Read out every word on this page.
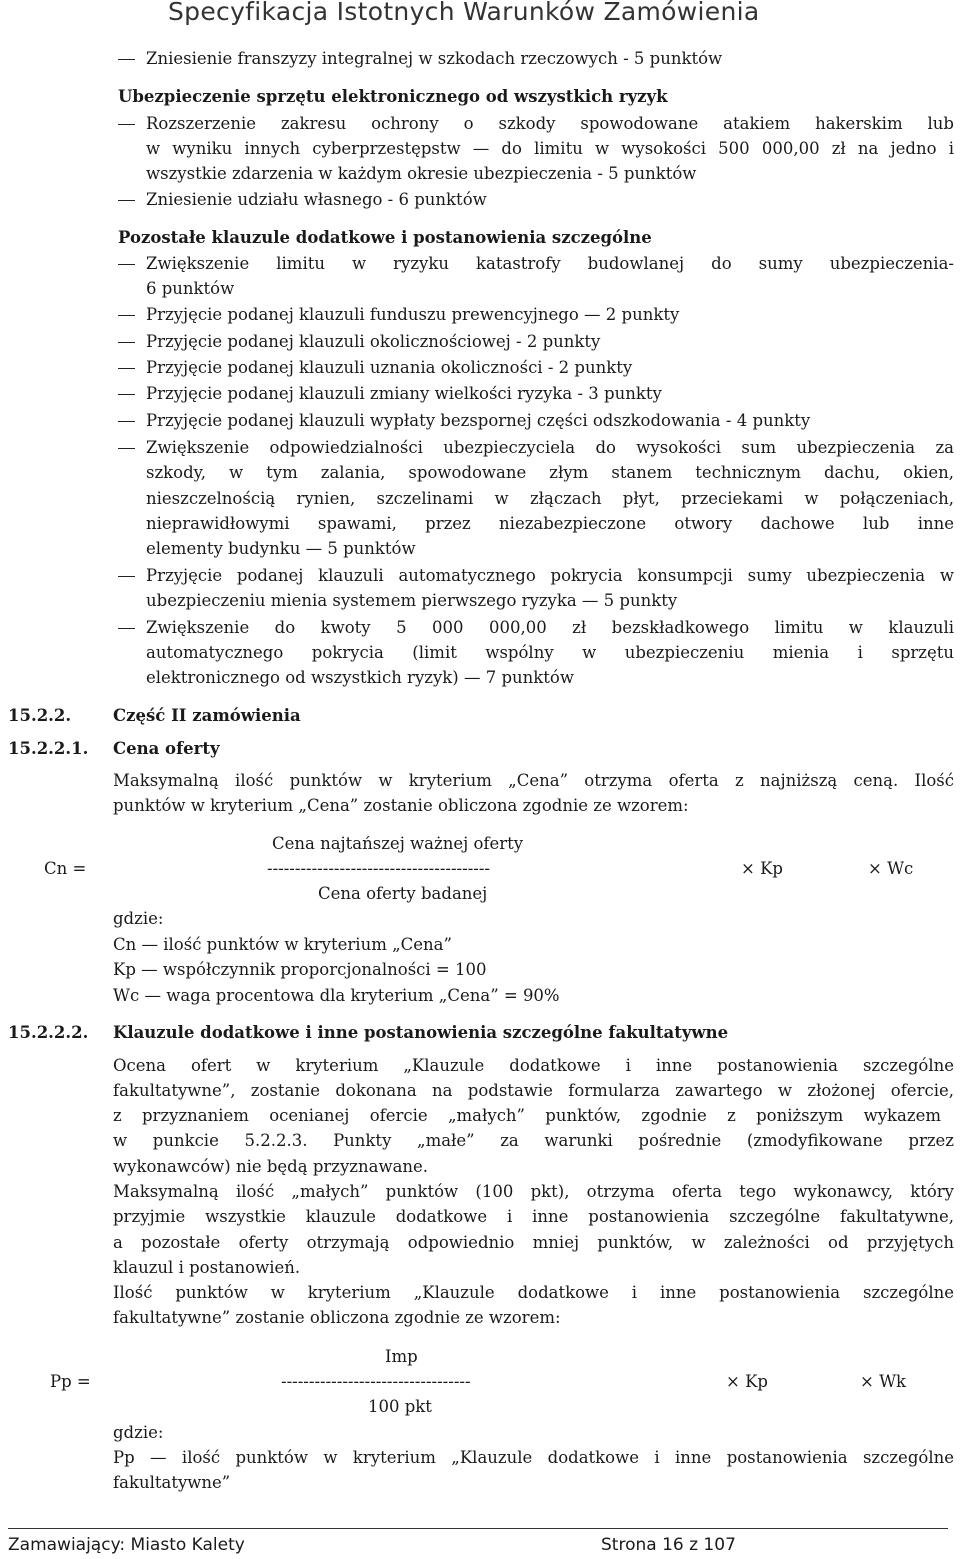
Specyfikacja Istotnych Warunków Zamówienia
Zniesienie franszyzy integralnej w szkodach rzeczowych - 5 punktów
Ubezpieczenie sprzętu elektronicznego od wszystkich ryzyk
Rozszerzenie zakresu ochrony o szkody spowodowane atakiem hakerskim lub
w wyniku innych cyberprzestępstw — do limitu w wysokości 500 000,00 zł na jedno i
wszystkie zdarzenia w każdym okresie ubezpieczenia - 5 punktów
Zniesienie udziału własnego - 6 punktów
Pozostałe klauzule dodatkowe i postanowienia szczególne
Zwiększenie limitu w ryzyku katastrofy budowlanej do sumy ubezpieczenia-
6 punktów
Przyjęcie podanej klauzuli funduszu prewencyjnego — 2 punkty
Przyjęcie podanej klauzuli okolicznościowej - 2 punkty
Przyjęcie podanej klauzuli uznania okoliczności - 2 punkty
Przyjęcie podanej klauzuli zmiany wielkości ryzyka - 3 punkty
Przyjęcie podanej klauzuli wypłaty bezspornej części odszkodowania - 4 punkty
Zwiększenie odpowiedzialności ubezpieczyciela do wysokości sum ubezpieczenia za
szkody, w tym zalania, spowodowane złym stanem technicznym dachu, okien,
nieszczelnością rynien, szczelinami w złączach płyt, przeciekami w połączeniach,
nieprawidłowymi spawami, przez niezabezpieczone otwory dachowe lub inne
elementy budynku — 5 punktów
Przyjęcie podanej klauzuli automatycznego pokrycia konsumpcji sumy ubezpieczenia w
ubezpieczeniu mienia systemem pierwszego ryzyka — 5 punkty
Zwiększenie do kwoty 5 000 000,00 zł bezskładkowego limitu w klauzuli
automatycznego pokrycia (limit wspólny w ubezpieczeniu mienia i sprzętu
elektronicznego od wszystkich ryzyk) — 7 punktów
15.2.2.	Część II zamówienia
15.2.2.1. Cena oferty
Maksymalną ilość punktów w kryterium „Cena” otrzyma oferta z najniższą ceną. Ilość
punktów w kryterium „Cena” zostanie obliczona zgodnie ze wzorem:
Cn =
Cena najtańszej ważnej oferty
----------------------------------------
Cena oferty badanej
× Kp	× Wc
gdzie:
Cn — ilość punktów w kryterium „Cena”
Kp — współczynnik proporcjonalności = 100
Wc — waga procentowa dla kryterium „Cena” = 90%
15.2.2.2. Klauzule dodatkowe i inne postanowienia szczególne fakultatywne
Ocena ofert w kryterium „Klauzule dodatkowe i inne postanowienia szczególne
fakultatywne”, zostanie dokonana na podstawie formularza zawartego w złożonej ofercie,
z przyznaniem ocenianej ofercie „małych” punktów, zgodnie z poniższym wykazem
w punkcie 5.2.2.3. Punkty „małe” za warunki pośrednie (zmodyfikowane przez
wykonawców) nie będą przyznawane.
Maksymalną ilość „małych” punktów (100 pkt), otrzyma oferta tego wykonawcy, który
przyjmie wszystkie klauzule dodatkowe i inne postanowienia szczególne fakultatywne,
a pozostałe oferty otrzymają odpowiednio mniej punktów, w zależności od przyjętych
klauzul i postanowień.
Ilość punktów w kryterium „Klauzule dodatkowe i inne postanowienia szczególne
fakultatywne” zostanie obliczona zgodnie ze wzorem:
Pp =
Imp
----------------------------------
100 pkt
× Kp	× Wk
gdzie:
Pp — ilość punktów w kryterium „Klauzule dodatkowe i inne postanowienia szczególne
fakultatywne”
Zamawiający: Miasto Kalety	Strona 16 z 107
